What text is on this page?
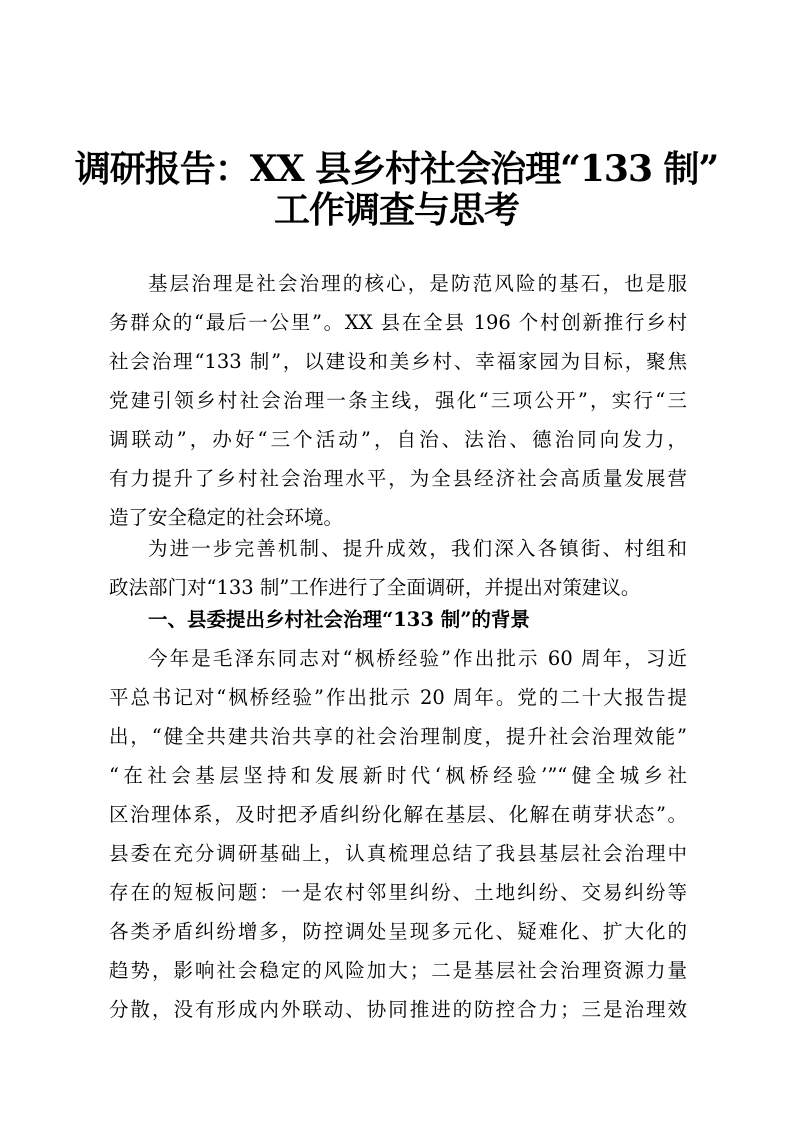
调研报告：XX 县乡村社会治理“133 制”
工作调查与思考
基层治理是社会治理的核心，是防范风险的基石，也是服
务群众的“最后一公里”。XX 县在全县 196 个村创新推行乡村
社会治理“133 制”，以建设和美乡村、幸福家园为目标，聚焦
党建引领乡村社会治理一条主线，强化“三项公开”，实行“三
调联动”，办好“三个活动”，自治、法治、德治同向发力，
有力提升了乡村社会治理水平，为全县经济社会高质量发展营
造了安全稳定的社会环境。
为进一步完善机制、提升成效，我们深入各镇街、村组和
政法部门对“133 制”工作进行了全面调研，并提出对策建议。
一、县委提出乡村社会治理“133 制”的背景
今年是毛泽东同志对“枫桥经验”作出批示 60 周年，习近
平总书记对“枫桥经验”作出批示 20 周年。党的二十大报告提
出，“健全共建共治共享的社会治理制度，提升社会治理效能”
“在社会基层坚持和发展新时代‘枫桥经验’”“健全城乡社
区治理体系，及时把矛盾纠纷化解在基层、化解在萌芽状态”。
县委在充分调研基础上，认真梳理总结了我县基层社会治理中
存在的短板问题：一是农村邻里纠纷、土地纠纷、交易纠纷等
各类矛盾纠纷增多，防控调处呈现多元化、疑难化、扩大化的
趋势，影响社会稳定的风险加大；二是基层社会治理资源力量
分散，没有形成内外联动、协同推进的防控合力；三是治理效
